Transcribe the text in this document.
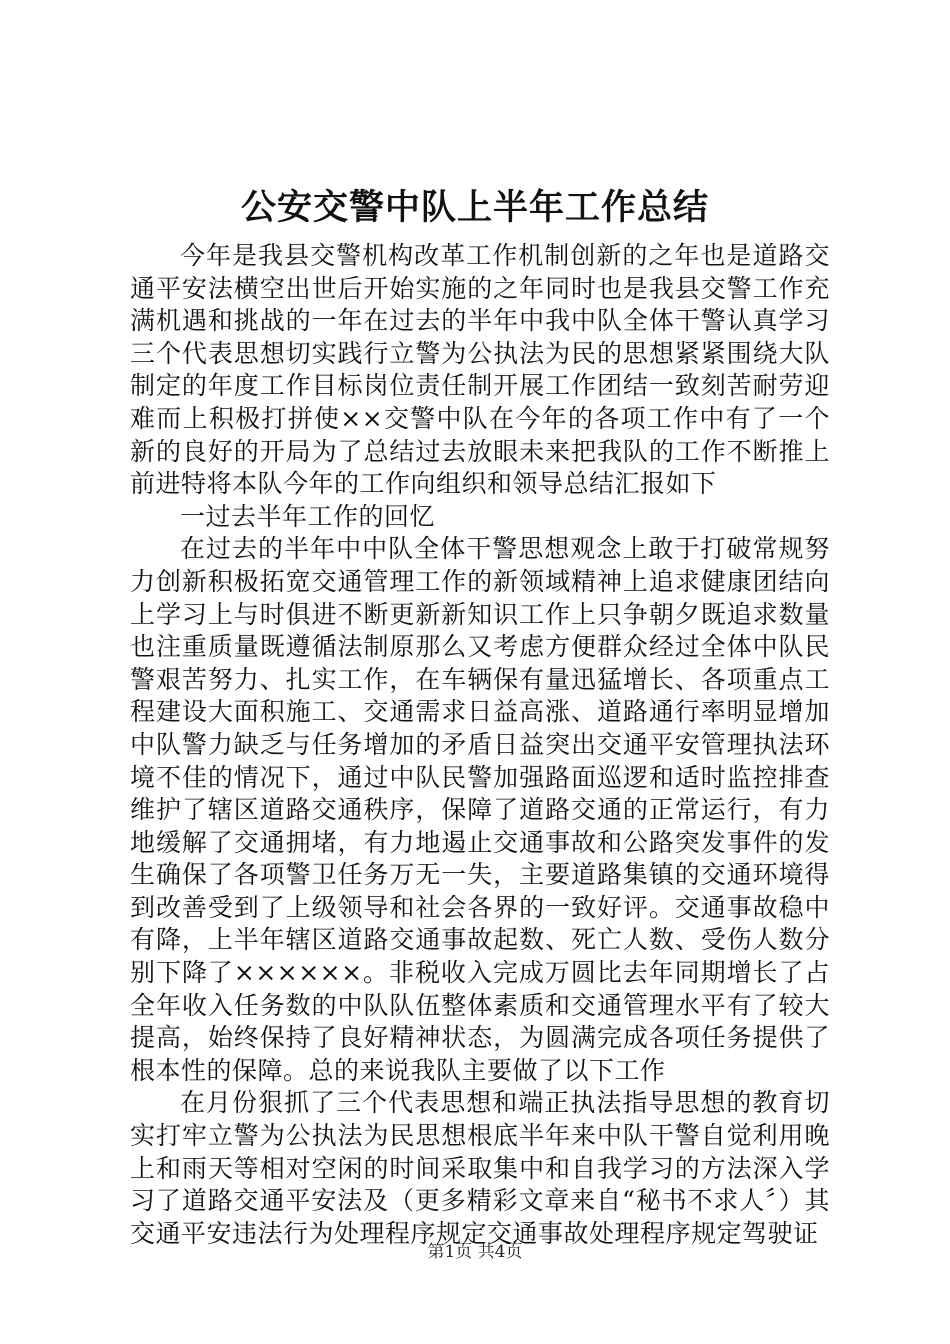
公安交警中队上半年工作总结

今年是我县交警机构改革工作机制创新的之年也是道路交通平安法横空出世后开始实施的之年同时也是我县交警工作充满机遇和挑战的一年在过去的半年中我中队全体干警认真学习三个代表思想切实践行立警为公执法为民的思想紧紧围绕大队制定的年度工作目标岗位责任制开展工作团结一致刻苦耐劳迎难而上积极打拼使××交警中队在今年的各项工作中有了一个新的良好的开局为了总结过去放眼未来把我队的工作不断推上前进特将本队今年的工作向组织和领导总结汇报如下

一过去半年工作的回忆

在过去的半年中中队全体干警思想观念上敢于打破常规努力创新积极拓宽交通管理工作的新领域精神上追求健康团结向上学习上与时俱进不断更新新知识工作上只争朝夕既追求数量也注重质量既遵循法制原那么又考虑方便群众经过全体中队民警艰苦努力、扎实工作，在车辆保有量迅猛增长、各项重点工程建设大面积施工、交通需求日益高涨、道路通行率明显增加中队警力缺乏与任务增加的矛盾日益突出交通平安管理执法环境不佳的情况下，通过中队民警加强路面巡逻和适时监控排查维护了辖区道路交通秩序，保障了道路交通的正常运行，有力地缓解了交通拥堵，有力地遏止交通事故和公路突发事件的发生确保了各项警卫任务万无一失，主要道路集镇的交通环境得到改善受到了上级领导和社会各界的一致好评。交通事故稳中有降，上半年辖区道路交通事故起数、死亡人数、受伤人数分别下降了××××××。非税收入完成万圆比去年同期增长了占全年收入任务数的中队队伍整体素质和交通管理水平有了较大提高，始终保持了良好精神状态，为圆满完成各项任务提供了根本性的保障。总的来说我队主要做了以下工作

在月份狠抓了三个代表思想和端正执法指导思想的教育切实打牢立警为公执法为民思想根底半年来中队干警自觉利用晚上和雨天等相对空闲的时间采取集中和自我学习的方法深入学习了道路交通平安法及（更多精彩文章来自“秘书不求人〞）其交通平安违法行为处理程序规定交通事故处理程序规定驾驶证

第1页 共4页
